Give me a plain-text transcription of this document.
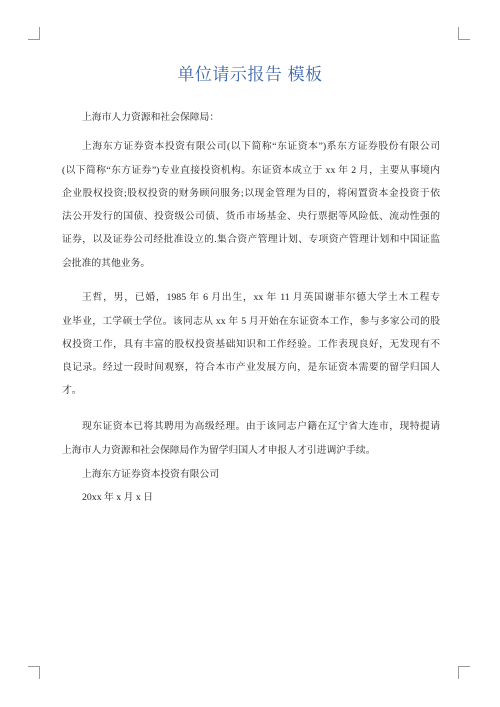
单位请示报告 模板
上海市人力资源和社会保障局：
上海东方证券资本投资有限公司(以下简称“东证资本”)系东方证券股份有限公司
(以下简称“东方证券”)专业直接投资机构。东证资本成立于 xx 年 2 月，主要从事境内
企业股权投资;股权投资的财务顾问服务;以现金管理为目的，将闲置资本金投资于依
法公开发行的国债、投资级公司债、货币市场基金、央行票据等风险低、流动性强的
证券，以及证券公司经批准设立的.集合资产管理计划、专项资产管理计划和中国证监
会批准的其他业务。
王哲，男，已婚，1985 年 6 月出生，xx 年 11 月英国谢菲尔德大学土木工程专
业毕业，工学硕士学位。该同志从 xx 年 5 月开始在东证资本工作，参与多家公司的股
权投资工作，具有丰富的股权投资基础知识和工作经验。工作表现良好，无发现有不
良记录。经过一段时间观察，符合本市产业发展方向，是东证资本需要的留学归国人
才。
现东证资本已将其聘用为高级经理。由于该同志户籍在辽宁省大连市，现特提请
上海市人力资源和社会保障局作为留学归国人才申报人才引进调沪手续。
上海东方证券资本投资有限公司
20xx 年 x 月 x 日
